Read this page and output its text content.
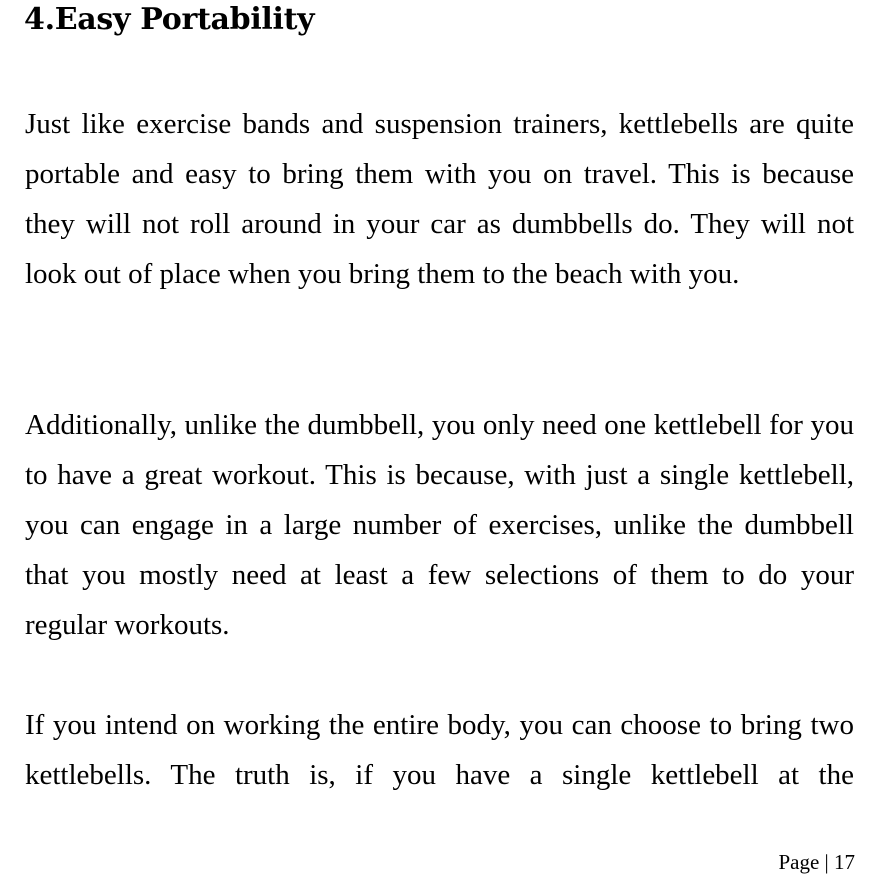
4.Easy Portability

Just like exercise bands and suspension trainers, kettlebells are quite portable and easy to bring them with you on travel. This is because they will not roll around in your car as dumbbells do. They will not look out of place when you bring them to the beach with you.

Additionally, unlike the dumbbell, you only need one kettlebell for you to have a great workout. This is because, with just a single kettlebell, you can engage in a large number of exercises, unlike the dumbbell that you mostly need at least a few selections of them to do your regular workouts.

If you intend on working the entire body, you can choose to bring two kettlebells. The truth is, if you have a single kettlebell at the

Page | 17
